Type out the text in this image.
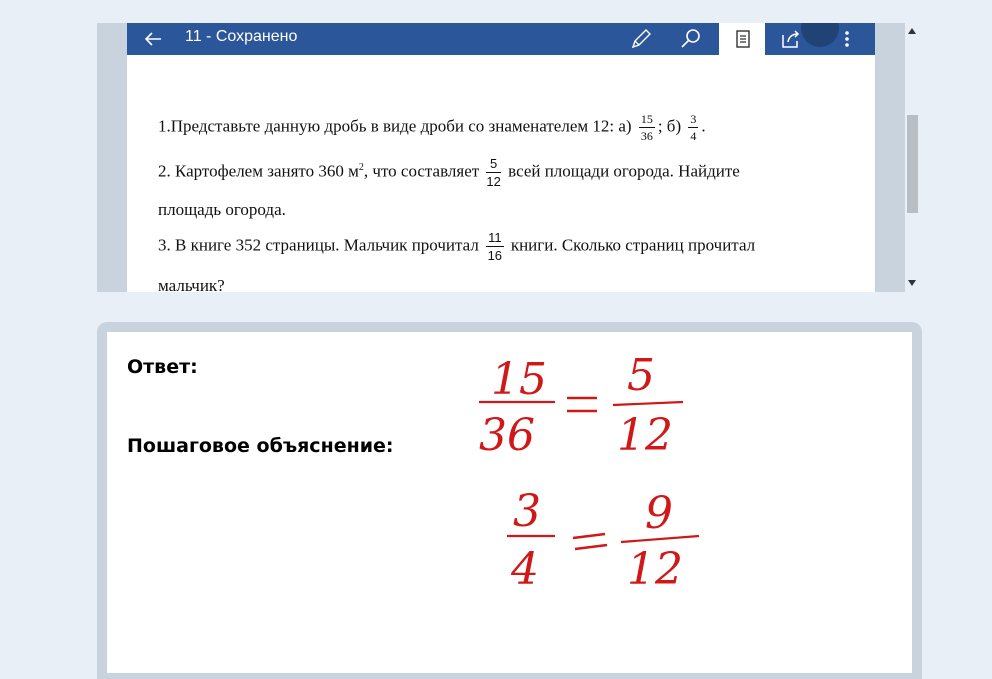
11 - Сохранено
1.Представьте данную дробь в виде дроби со знаменателем 12: $а) \frac{15}{36}$ ; $б) \frac{3}{4}$ .
2. Картофелем занято 360 $м^2$, что составляет $\frac{5}{12}$ всей площади огорода. Найдите
площадь огорода.
3. В книге 352 страницы. Мальчик прочитал $\frac{11}{16}$ книги. Сколько страниц прочитал
мальчик?
Ответ:
Пошаговое объяснение:
15
36
5
12
3
4
9
12
